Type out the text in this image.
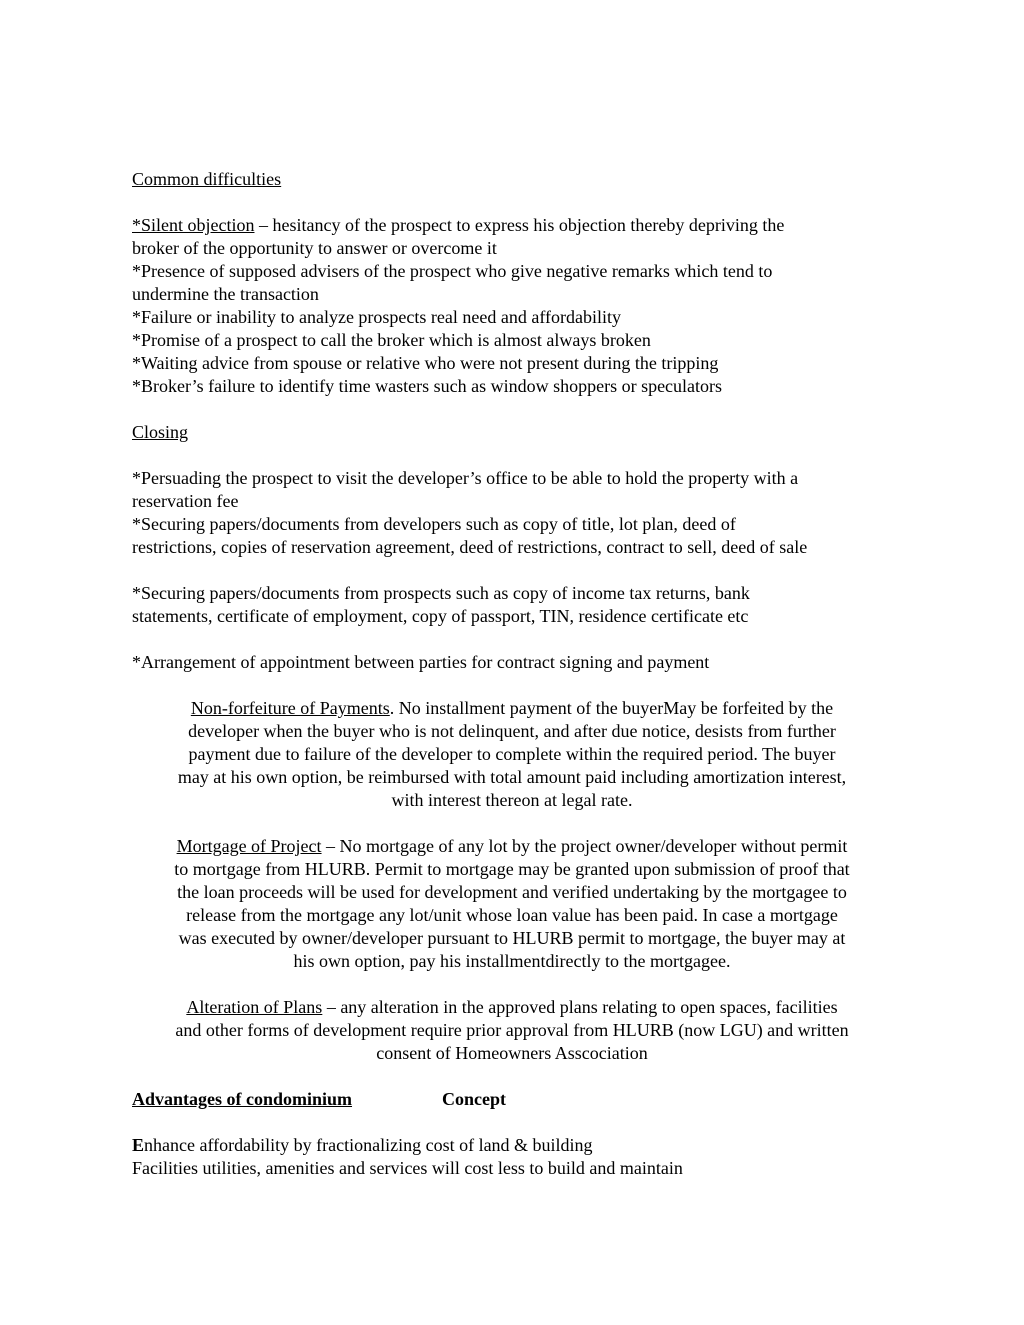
Common difficulties
*Silent objection – hesitancy of the prospect to express his objection thereby depriving the
broker of the opportunity to answer or overcome it
*Presence of supposed advisers of the prospect who give negative remarks which tend to
undermine the transaction
*Failure or inability to analyze prospects real need and affordability
*Promise of a prospect to call the broker which is almost always broken
*Waiting advice from spouse or relative who were not present during the tripping
*Broker’s failure to identify time wasters such as window shoppers or speculators
Closing
*Persuading the prospect to visit the developer’s office to be able to hold the property with a
reservation fee
*Securing papers/documents from developers such as copy of title, lot plan, deed of
restrictions, copies of reservation agreement, deed of restrictions, contract to sell, deed of sale
*Securing papers/documents from prospects such as copy of income tax returns, bank
statements, certificate of employment, copy of passport, TIN, residence certificate etc
*Arrangement of appointment between parties for contract signing and payment
Non-forfeiture of Payments. No installment payment of the buyerMay be forfeited by the
developer when the buyer who is not delinquent, and after due notice, desists from further
payment due to failure of the developer to complete within the required period. The buyer
may at his own option, be reimbursed with total amount paid including amortization interest,
with interest thereon at legal rate.
Mortgage of Project – No mortgage of any lot by the project owner/developer without permit
to mortgage from HLURB. Permit to mortgage may be granted upon submission of proof that
the loan proceeds will be used for development and verified undertaking by the mortgagee to
release from the mortgage any lot/unit whose loan value has been paid. In case a mortgage
was executed by owner/developer pursuant to HLURB permit to mortgage, the buyer may at
his own option, pay his installmentdirectly to the mortgagee.
Alteration of Plans – any alteration in the approved plans relating to open spaces, facilities
and other forms of development require prior approval from HLURB (now LGU) and written
consent of Homeowners Asscociation
Advantages of condominium	Concept
Enhance affordability by fractionalizing cost of land & building
Facilities utilities, amenities and services will cost less to build and maintain
